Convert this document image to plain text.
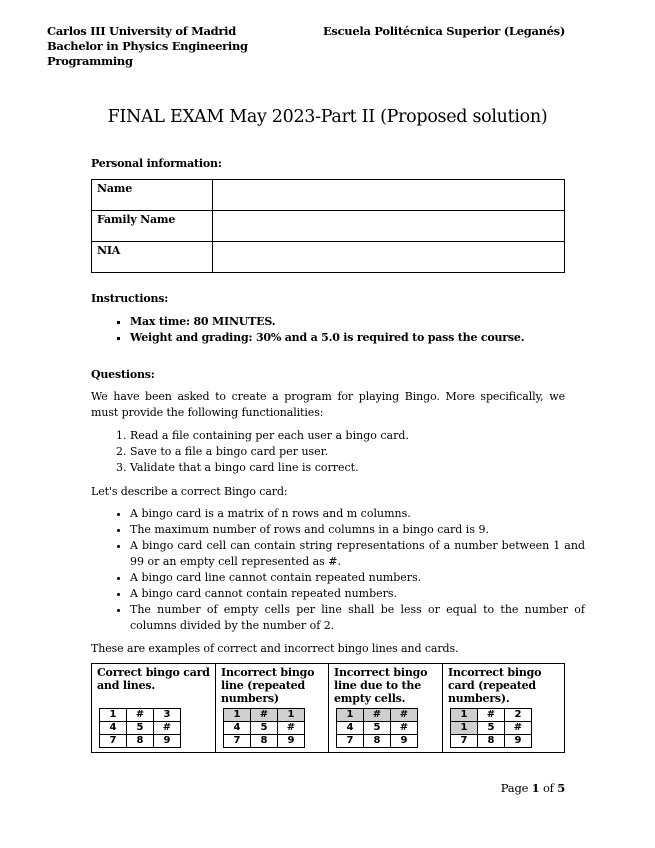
Carlos III University of Madrid
Bachelor in Physics Engineering
Programming
Escuela Politécnica Superior (Leganés)
FINAL EXAM May 2023-Part II (Proposed solution)
Personal information:
Name	
Family Name	
NIA	
Instructions:
▪ Max time: 80 MINUTES.
▪ Weight and grading: 30% and a 5.0 is required to pass the course.
Questions:
We have been asked to create a program for playing Bingo. More specifically, we must provide the following functionalities:
1. Read a file containing per each user a bingo card.
2. Save to a file a bingo card per user.
3. Validate that a bingo card line is correct.
Let's describe a correct Bingo card:
• A bingo card is a matrix of n rows and m columns.
• The maximum number of rows and columns in a bingo card is 9.
• A bingo card cell can contain string representations of a number between 1 and 99 or an empty cell represented as #.
• A bingo card line cannot contain repeated numbers.
• A bingo card cannot contain repeated numbers.
• The number of empty cells per line shall be less or equal to the number of columns divided by the number of 2.
These are examples of correct and incorrect bingo lines and cards.
Correct bingo card and lines.
1	#	3
4	5	#
7	8	9

Incorrect bingo line (repeated numbers)
1	#	1
4	5	#
7	8	9

Incorrect bingo line due to the empty cells.
1	#	#
4	5	#
7	8	9

Incorrect bingo card (repeated numbers).
1	#	2
1	5	#
7	8	9
Page 1 of 5
